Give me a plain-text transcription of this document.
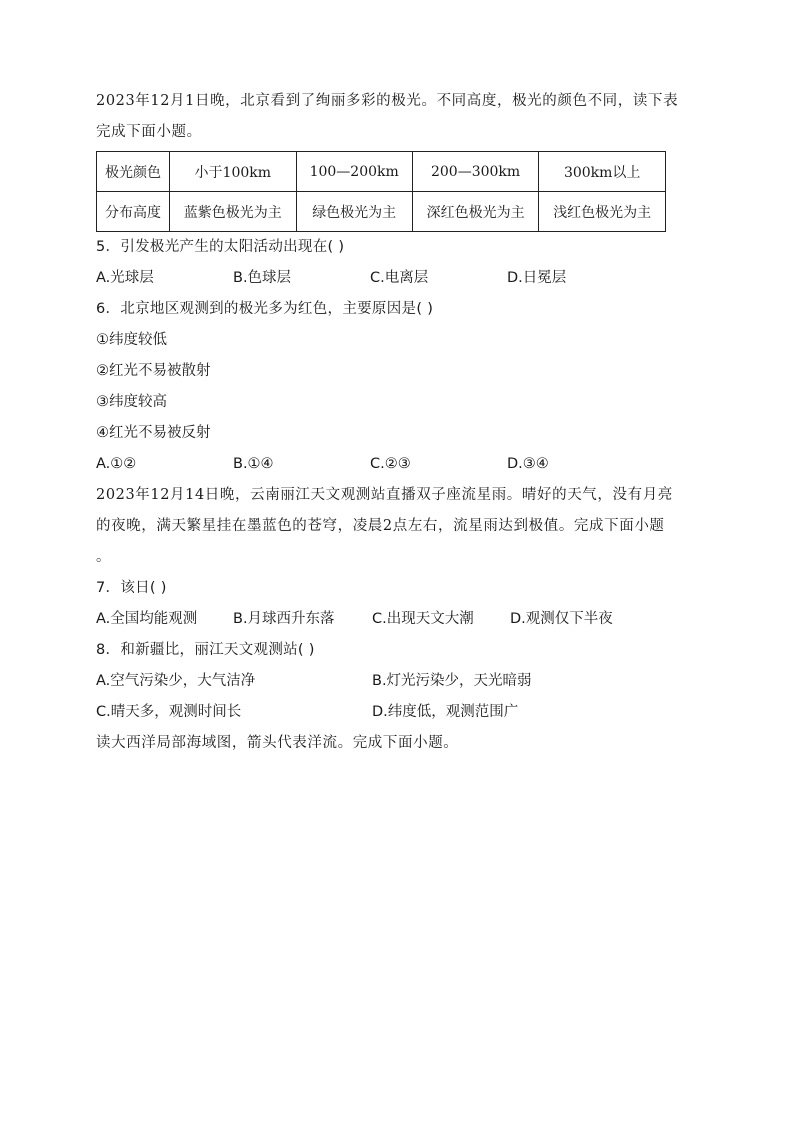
2023年12月1日晚，北京看到了绚丽多彩的极光。不同高度，极光的颜色不同，读下表
完成下面小题。

极光颜色	小于100km	100—200km	200—300km	300km以上
分布高度	蓝紫色极光为主	绿色极光为主	深红色极光为主	浅红色极光为主

5．引发极光产生的太阳活动出现在( )

A.光球层	B.色球层	C.电离层	D.日冕层

6．北京地区观测到的极光多为红色，主要原因是( )

①纬度较低

②红光不易被散射

③纬度较高

④红光不易被反射

A.①②	B.①④	C.②③	D.③④

2023年12月14日晚，云南丽江天文观测站直播双子座流星雨。晴好的天气，没有月亮
的夜晚，满天繁星挂在墨蓝色的苍穹，凌晨2点左右，流星雨达到极值。完成下面小题
。

7．该日( )

A.全国均能观测	B.月球西升东落	C.出现天文大潮	D.观测仅下半夜

8．和新疆比，丽江天文观测站( )

A.空气污染少，大气洁净	B.灯光污染少，天光暗弱
C.晴天多，观测时间长	D.纬度低，观测范围广

读大西洋局部海域图，箭头代表洋流。完成下面小题。
